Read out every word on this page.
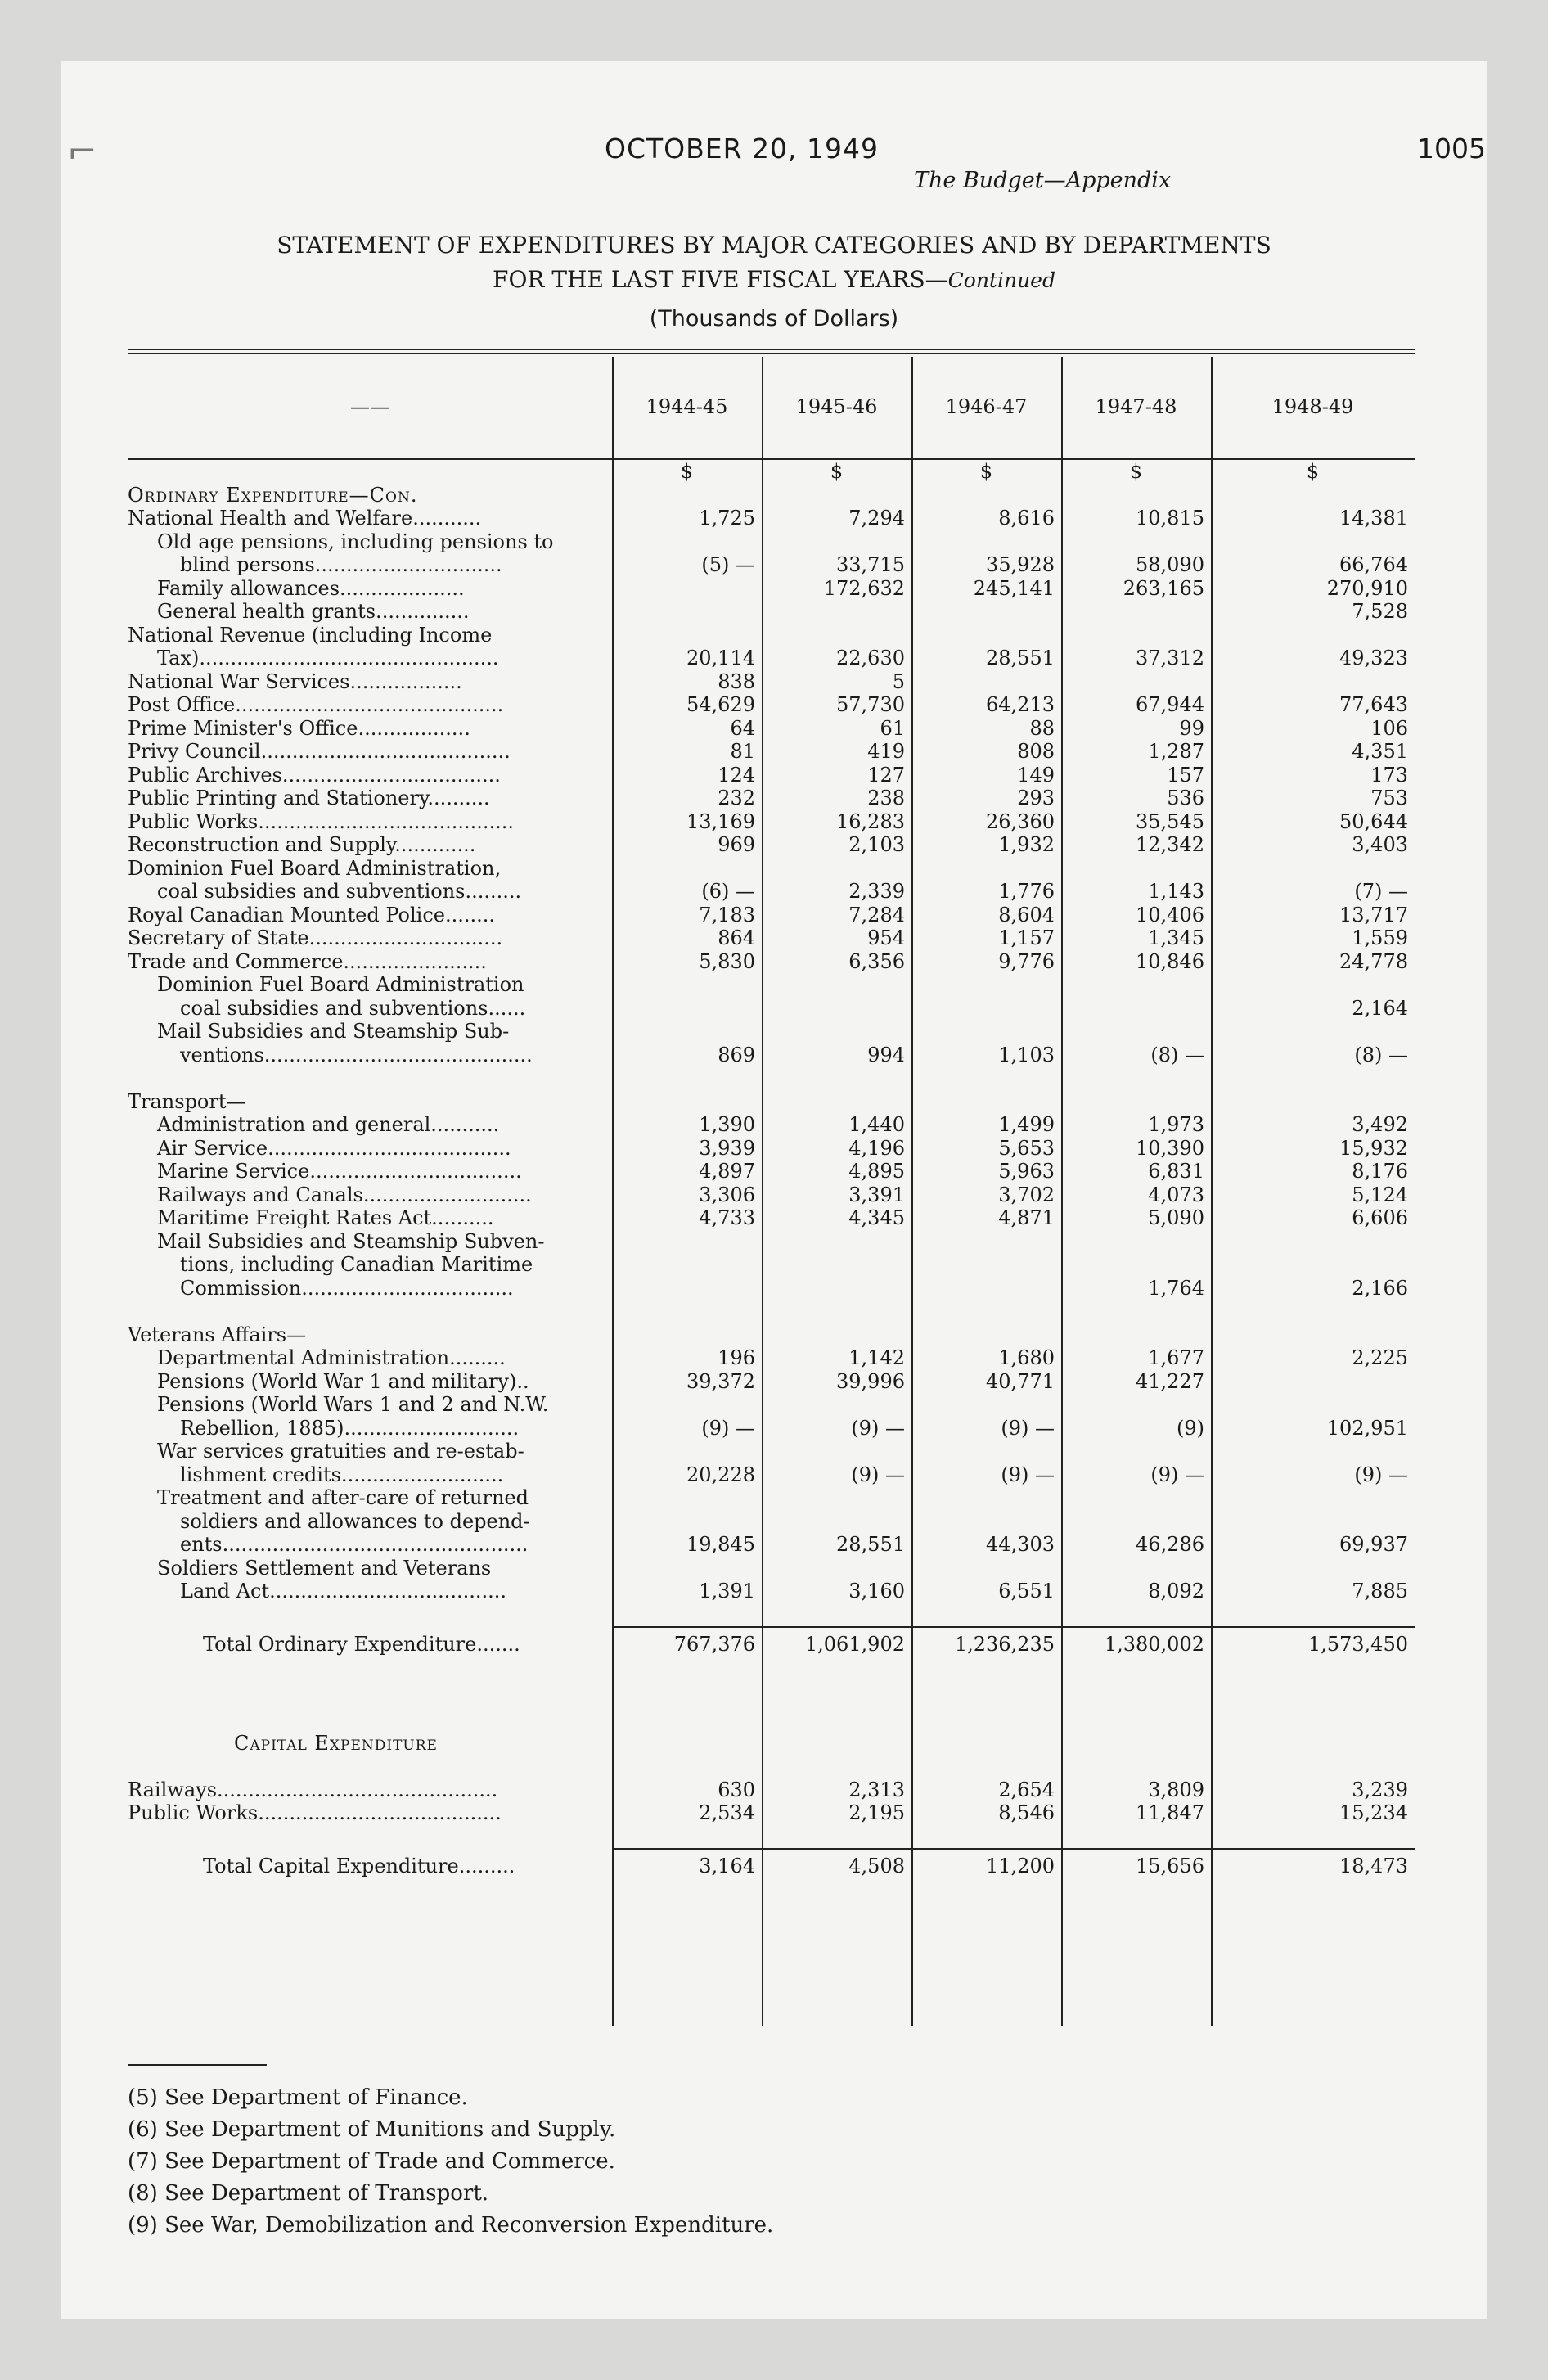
⌐	OCTOBER 20, 1949	1005
The Budget—Appendix
STATEMENT OF EXPENDITURES BY MAJOR CATEGORIES AND BY DEPARTMENTS
FOR THE LAST FIVE FISCAL YEARS—Continued
(Thousands of Dollars)
——	1944-45	1945-46	1946-47	1947-48	1948-49
	$	$	$	$	$
Ordinary Expenditure—Con.					
National Health and Welfare...........	1,725	7,294	8,616	10,815	14,381
Old age pensions, including pensions to					
blind persons..............................	(5) —	33,715	35,928	58,090	66,764
Family allowances....................		172,632	245,141	263,165	270,910
General health grants...............					7,528
National Revenue (including Income					
Tax)................................................	20,114	22,630	28,551	37,312	49,323
National War Services..................	838	5			
Post Office...........................................	54,629	57,730	64,213	67,944	77,643
Prime Minister's Office..................	64	61	88	99	106
Privy Council........................................	81	419	808	1,287	4,351
Public Archives...................................	124	127	149	157	173
Public Printing and Stationery..........	232	238	293	536	753
Public Works.........................................	13,169	16,283	26,360	35,545	50,644
Reconstruction and Supply.............	969	2,103	1,932	12,342	3,403
Dominion Fuel Board Administration,					
coal subsidies and subventions.........	(6) —	2,339	1,776	1,143	(7) —
Royal Canadian Mounted Police........	7,183	7,284	8,604	10,406	13,717
Secretary of State...............................	864	954	1,157	1,345	1,559
Trade and Commerce.......................	5,830	6,356	9,776	10,846	24,778
Dominion Fuel Board Administration					
coal subsidies and subventions......					2,164
Mail Subsidies and Steamship Sub-					
ventions...........................................	869	994	1,103	(8) —	(8) —

Transport—					
Administration and general...........	1,390	1,440	1,499	1,973	3,492
Air Service.......................................	3,939	4,196	5,653	10,390	15,932
Marine Service..................................	4,897	4,895	5,963	6,831	8,176
Railways and Canals...........................	3,306	3,391	3,702	4,073	5,124
Maritime Freight Rates Act..........	4,733	4,345	4,871	5,090	6,606
Mail Subsidies and Steamship Subven-					
tions, including Canadian Maritime					
Commission..................................				1,764	2,166

Veterans Affairs—					
Departmental Administration.........	196	1,142	1,680	1,677	2,225
Pensions (World War 1 and military)..	39,372	39,996	40,771	41,227	
Pensions (World Wars 1 and 2 and N.W.					
Rebellion, 1885)............................	(9) —	(9) —	(9) —	(9)	102,951
War services gratuities and re-estab-					
lishment credits..........................	20,228	(9) —	(9) —	(9) —	(9) —
Treatment and after-care of returned					
soldiers and allowances to depend-					
ents.................................................	19,845	28,551	44,303	46,286	69,937
Soldiers Settlement and Veterans					
Land Act......................................	1,391	3,160	6,551	8,092	7,885

Total Ordinary Expenditure.......	767,376	1,061,902	1,236,235	1,380,002	1,573,450

Capital Expenditure					

Railways.............................................	630	2,313	2,654	3,809	3,239
Public Works.......................................	2,534	2,195	8,546	11,847	15,234

Total Capital Expenditure.........	3,164	4,508	11,200	15,656	18,473
(5) See Department of Finance.
(6) See Department of Munitions and Supply.
(7) See Department of Trade and Commerce.
(8) See Department of Transport.
(9) See War, Demobilization and Reconversion Expenditure.
